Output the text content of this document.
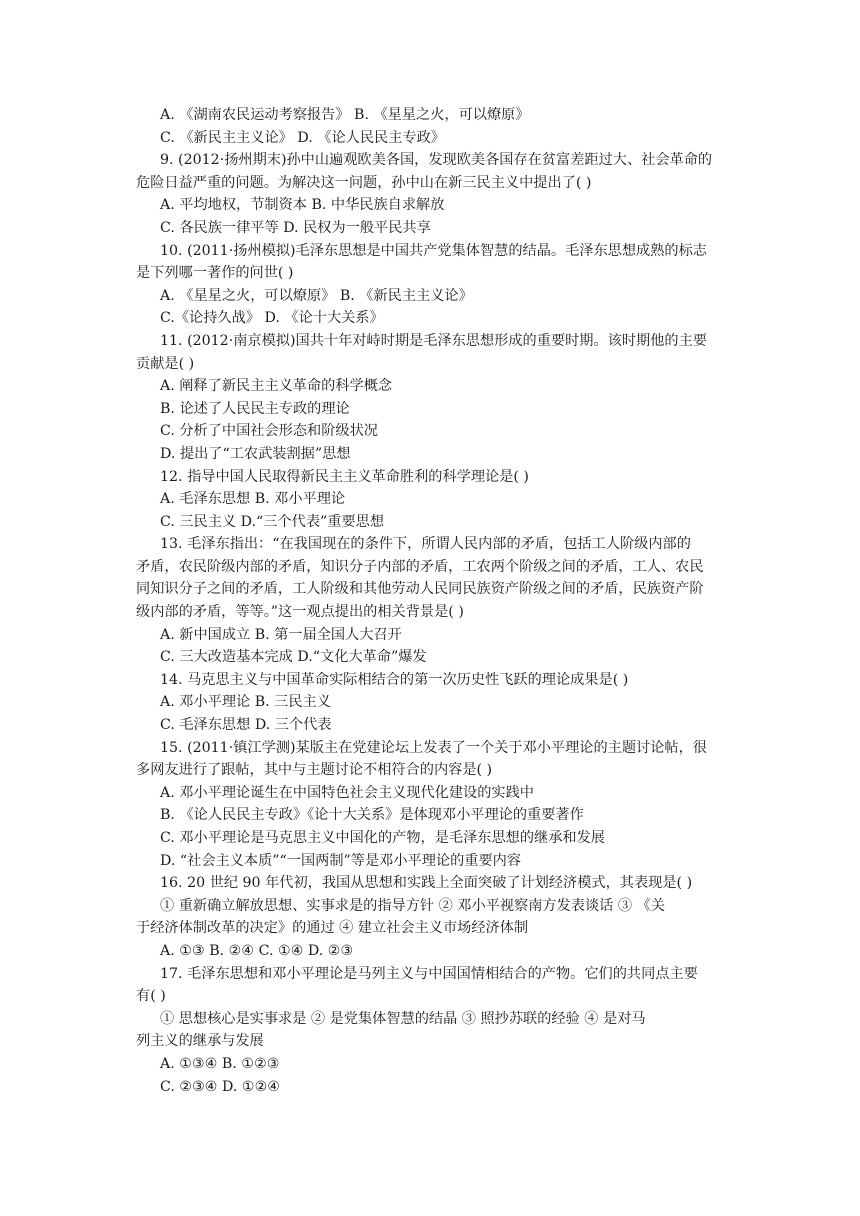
A. 《湖南农民运动考察报告》 B. 《星星之火，可以燎原》
C. 《新民主主义论》 D. 《论人民民主专政》
9. (2012·扬州期末)孙中山遍观欧美各国，发现欧美各国存在贫富差距过大、社会革命的
危险日益严重的问题。为解决这一问题，孙中山在新三民主义中提出了( )
A. 平均地权，节制资本 B. 中华民族自求解放
C. 各民族一律平等 D. 民权为一般平民共享
10. (2011·扬州模拟)毛泽东思想是中国共产党集体智慧的结晶。毛泽东思想成熟的标志
是下列哪一著作的问世( )
A. 《星星之火，可以燎原》 B. 《新民主主义论》
C.《论持久战》 D. 《论十大关系》
11. (2012·南京模拟)国共十年对峙时期是毛泽东思想形成的重要时期。该时期他的主要
贡献是( )
A. 阐释了新民主主义革命的科学概念
B. 论述了人民民主专政的理论
C. 分析了中国社会形态和阶级状况
D. 提出了“工农武装割据”思想
12. 指导中国人民取得新民主主义革命胜利的科学理论是( )
A. 毛泽东思想 B. 邓小平理论
C. 三民主义 D.“三个代表”重要思想
13. 毛泽东指出：“在我国现在的条件下，所谓人民内部的矛盾，包括工人阶级内部的
矛盾，农民阶级内部的矛盾，知识分子内部的矛盾，工农两个阶级之间的矛盾，工人、农民
同知识分子之间的矛盾，工人阶级和其他劳动人民同民族资产阶级之间的矛盾，民族资产阶
级内部的矛盾，等等。”这一观点提出的相关背景是( )
A. 新中国成立 B. 第一届全国人大召开
C. 三大改造基本完成 D.“文化大革命”爆发
14. 马克思主义与中国革命实际相结合的第一次历史性飞跃的理论成果是( )
A. 邓小平理论 B. 三民主义
C. 毛泽东思想 D. 三个代表
15. (2011·镇江学测)某版主在党建论坛上发表了一个关于邓小平理论的主题讨论帖，很
多网友进行了跟帖，其中与主题讨论不相符合的内容是( )
A. 邓小平理论诞生在中国特色社会主义现代化建设的实践中
B. 《论人民民主专政》《论十大关系》是体现邓小平理论的重要著作
C. 邓小平理论是马克思主义中国化的产物，是毛泽东思想的继承和发展
D. “社会主义本质”“一国两制”等是邓小平理论的重要内容
16. 20 世纪 90 年代初，我国从思想和实践上全面突破了计划经济模式，其表现是( )
① 重新确立解放思想、实事求是的指导方针 ② 邓小平视察南方发表谈话 ③ 《关
于经济体制改革的决定》的通过 ④ 建立社会主义市场经济体制
A. ①③ B. ②④ C. ①④ D. ②③
17. 毛泽东思想和邓小平理论是马列主义与中国国情相结合的产物。它们的共同点主要
有( )
① 思想核心是实事求是 ② 是党集体智慧的结晶 ③ 照抄苏联的经验 ④ 是对马
列主义的继承与发展
A. ①③④ B. ①②③
C. ②③④ D. ①②④
